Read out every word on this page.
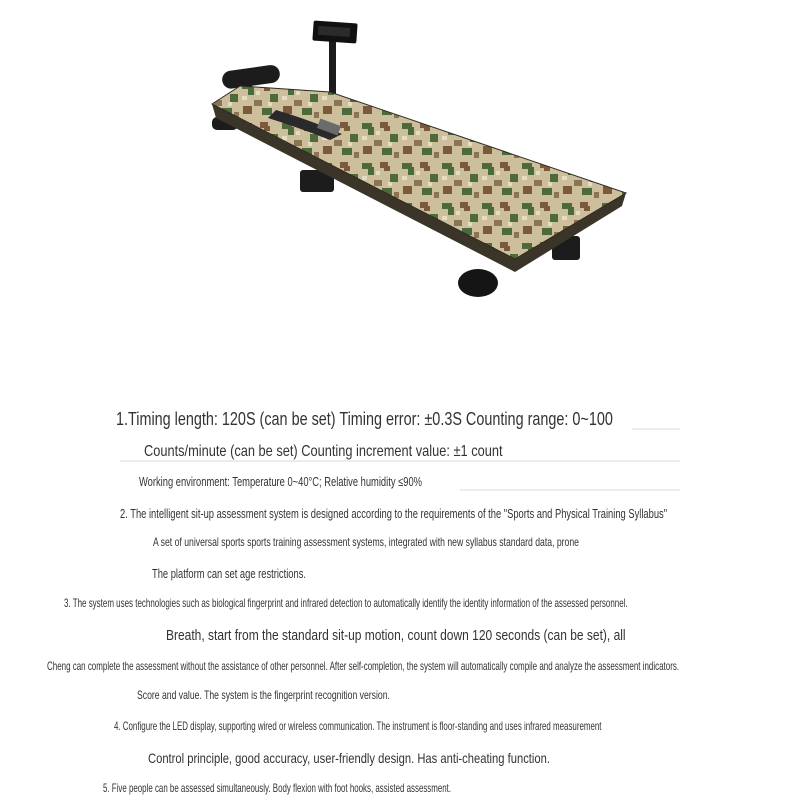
1.Timing length: 120S (can be set) Timing error: ±0.3S Counting range: 0~100
Counts/minute (can be set) Counting increment value: ±1 count
Working environment: Temperature 0~40°C; Relative humidity ≤90%
2. The intelligent sit-up assessment system is designed according to the requirements of the "Sports and Physical Training Syllabus"
A set of universal sports sports training assessment systems, integrated with new syllabus standard data, prone
The platform can set age restrictions.
3. The system uses technologies such as biological fingerprint and infrared detection to automatically identify the identity information of the assessed personnel.
Breath, start from the standard sit-up motion, count down 120 seconds (can be set), all
Cheng can complete the assessment without the assistance of other personnel. After self-completion, the system will automatically compile and analyze the assessment indicators.
Score and value. The system is the fingerprint recognition version.
4. Configure the LED display, supporting wired or wireless communication. The instrument is floor-standing and uses infrared measurement
Control principle, good accuracy, user-friendly design. Has anti-cheating function.
5. Five people can be assessed simultaneously. Body flexion with foot hooks, assisted assessment.
